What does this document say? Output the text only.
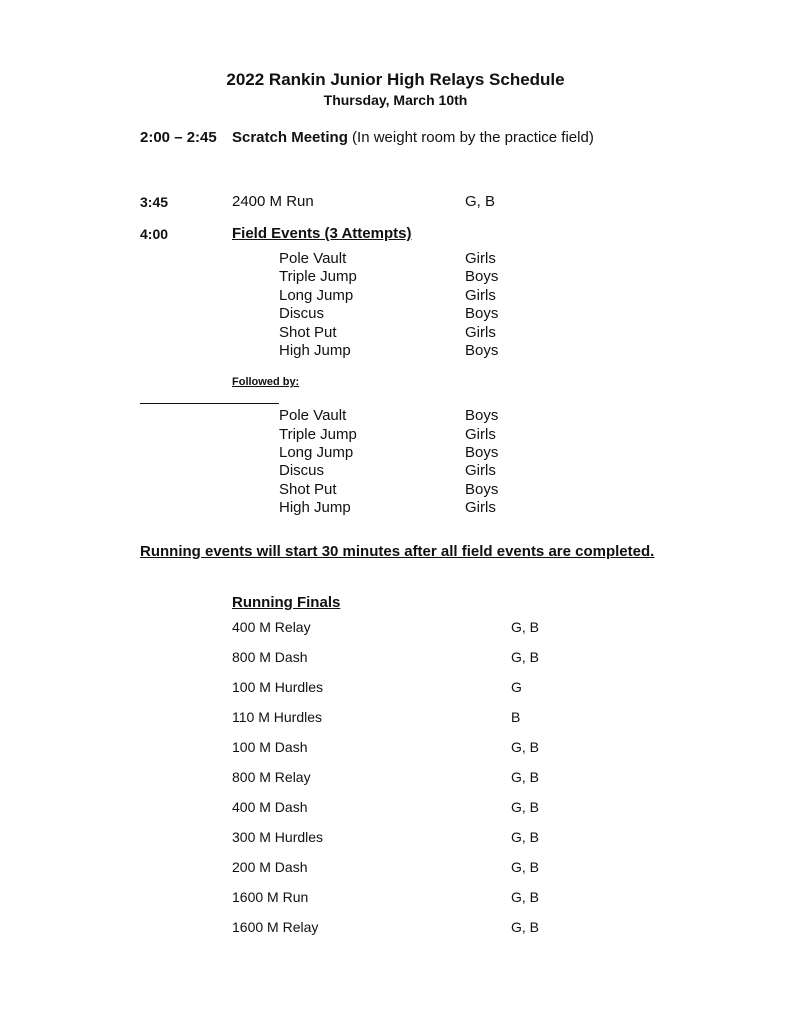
2022 Rankin Junior High Relays Schedule
Thursday, March 10th
2:00 – 2:45 Scratch Meeting (In weight room by the practice field)
3:45	2400 M Run	G, B
4:00	Field Events (3 Attempts)
Pole Vault	Girls
Triple Jump	Boys
Long Jump	Girls
Discus	Boys
Shot Put	Girls
High Jump	Boys
Followed by:
Pole Vault	Boys
Triple Jump	Girls
Long Jump	Boys
Discus	Girls
Shot Put	Boys
High Jump	Girls
Running events will start 30 minutes after all field events are completed.
Running Finals
400 M Relay	G, B
800 M Dash	G, B
100 M Hurdles	G
110 M Hurdles	B
100 M Dash	G, B
800 M Relay	G, B
400 M Dash	G, B
300 M Hurdles	G, B
200 M Dash	G, B
1600 M Run	G, B
1600 M Relay	G, B
